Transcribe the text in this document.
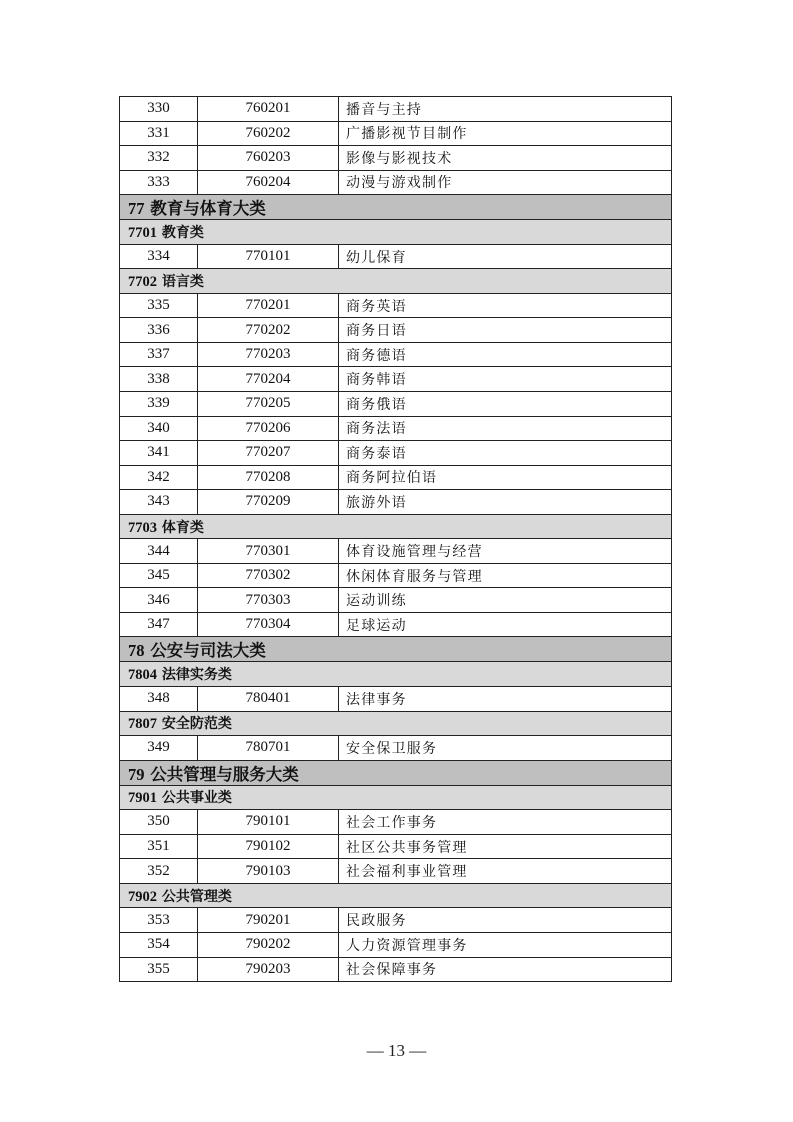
330	760201	播音与主持
331	760202	广播影视节目制作
332	760203	影像与影视技术
333	760204	动漫与游戏制作
77 教育与体育大类		
7701 教育类		
334	770101	幼儿保育
7702 语言类		
335	770201	商务英语
336	770202	商务日语
337	770203	商务德语
338	770204	商务韩语
339	770205	商务俄语
340	770206	商务法语
341	770207	商务泰语
342	770208	商务阿拉伯语
343	770209	旅游外语
7703 体育类		
344	770301	体育设施管理与经营
345	770302	休闲体育服务与管理
346	770303	运动训练
347	770304	足球运动
78 公安与司法大类		
7804 法律实务类		
348	780401	法律事务
7807 安全防范类		
349	780701	安全保卫服务
79 公共管理与服务大类		
7901 公共事业类		
350	790101	社会工作事务
351	790102	社区公共事务管理
352	790103	社会福利事业管理
7902 公共管理类		
353	790201	民政服务
354	790202	人力资源管理事务
355	790203	社会保障事务
— 13 —
